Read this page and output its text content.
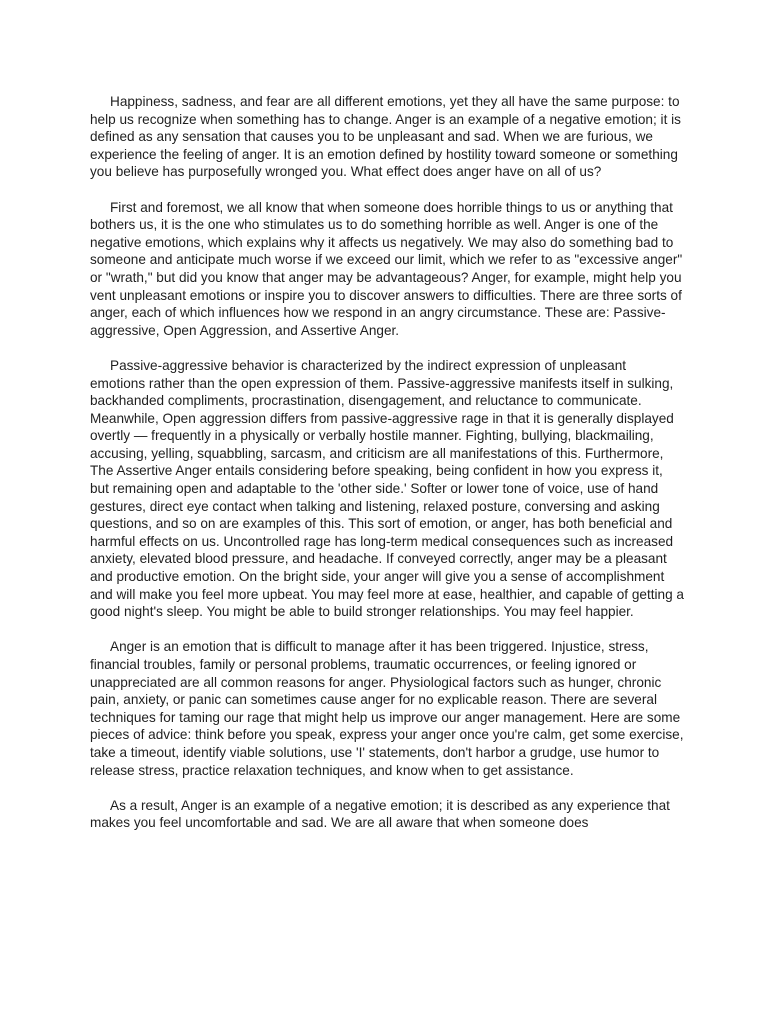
Happiness, sadness, and fear are all different emotions, yet they all have the same purpose: to help us recognize when something has to change. Anger is an example of a negative emotion; it is defined as any sensation that causes you to be unpleasant and sad. When we are furious, we experience the feeling of anger. It is an emotion defined by hostility toward someone or something you believe has purposefully wronged you. What effect does anger have on all of us?

First and foremost, we all know that when someone does horrible things to us or anything that bothers us, it is the one who stimulates us to do something horrible as well. Anger is one of the negative emotions, which explains why it affects us negatively. We may also do something bad to someone and anticipate much worse if we exceed our limit, which we refer to as "excessive anger" or "wrath," but did you know that anger may be advantageous? Anger, for example, might help you vent unpleasant emotions or inspire you to discover answers to difficulties. There are three sorts of anger, each of which influences how we respond in an angry circumstance. These are: Passive-aggressive, Open Aggression, and Assertive Anger.

Passive-aggressive behavior is characterized by the indirect expression of unpleasant emotions rather than the open expression of them. Passive-aggressive manifests itself in sulking, backhanded compliments, procrastination, disengagement, and reluctance to communicate. Meanwhile, Open aggression differs from passive-aggressive rage in that it is generally displayed overtly — frequently in a physically or verbally hostile manner. Fighting, bullying, blackmailing, accusing, yelling, squabbling, sarcasm, and criticism are all manifestations of this. Furthermore, The Assertive Anger entails considering before speaking, being confident in how you express it, but remaining open and adaptable to the 'other side.' Softer or lower tone of voice, use of hand gestures, direct eye contact when talking and listening, relaxed posture, conversing and asking questions, and so on are examples of this. This sort of emotion, or anger, has both beneficial and harmful effects on us. Uncontrolled rage has long-term medical consequences such as increased anxiety, elevated blood pressure, and headache. If conveyed correctly, anger may be a pleasant and productive emotion. On the bright side, your anger will give you a sense of accomplishment and will make you feel more upbeat. You may feel more at ease, healthier, and capable of getting a good night's sleep. You might be able to build stronger relationships. You may feel happier.

Anger is an emotion that is difficult to manage after it has been triggered. Injustice, stress, financial troubles, family or personal problems, traumatic occurrences, or feeling ignored or unappreciated are all common reasons for anger. Physiological factors such as hunger, chronic pain, anxiety, or panic can sometimes cause anger for no explicable reason. There are several techniques for taming our rage that might help us improve our anger management. Here are some pieces of advice: think before you speak, express your anger once you're calm, get some exercise, take a timeout, identify viable solutions, use 'I' statements, don't harbor a grudge, use humor to release stress, practice relaxation techniques, and know when to get assistance.

As a result, Anger is an example of a negative emotion; it is described as any experience that makes you feel uncomfortable and sad. We are all aware that when someone does
